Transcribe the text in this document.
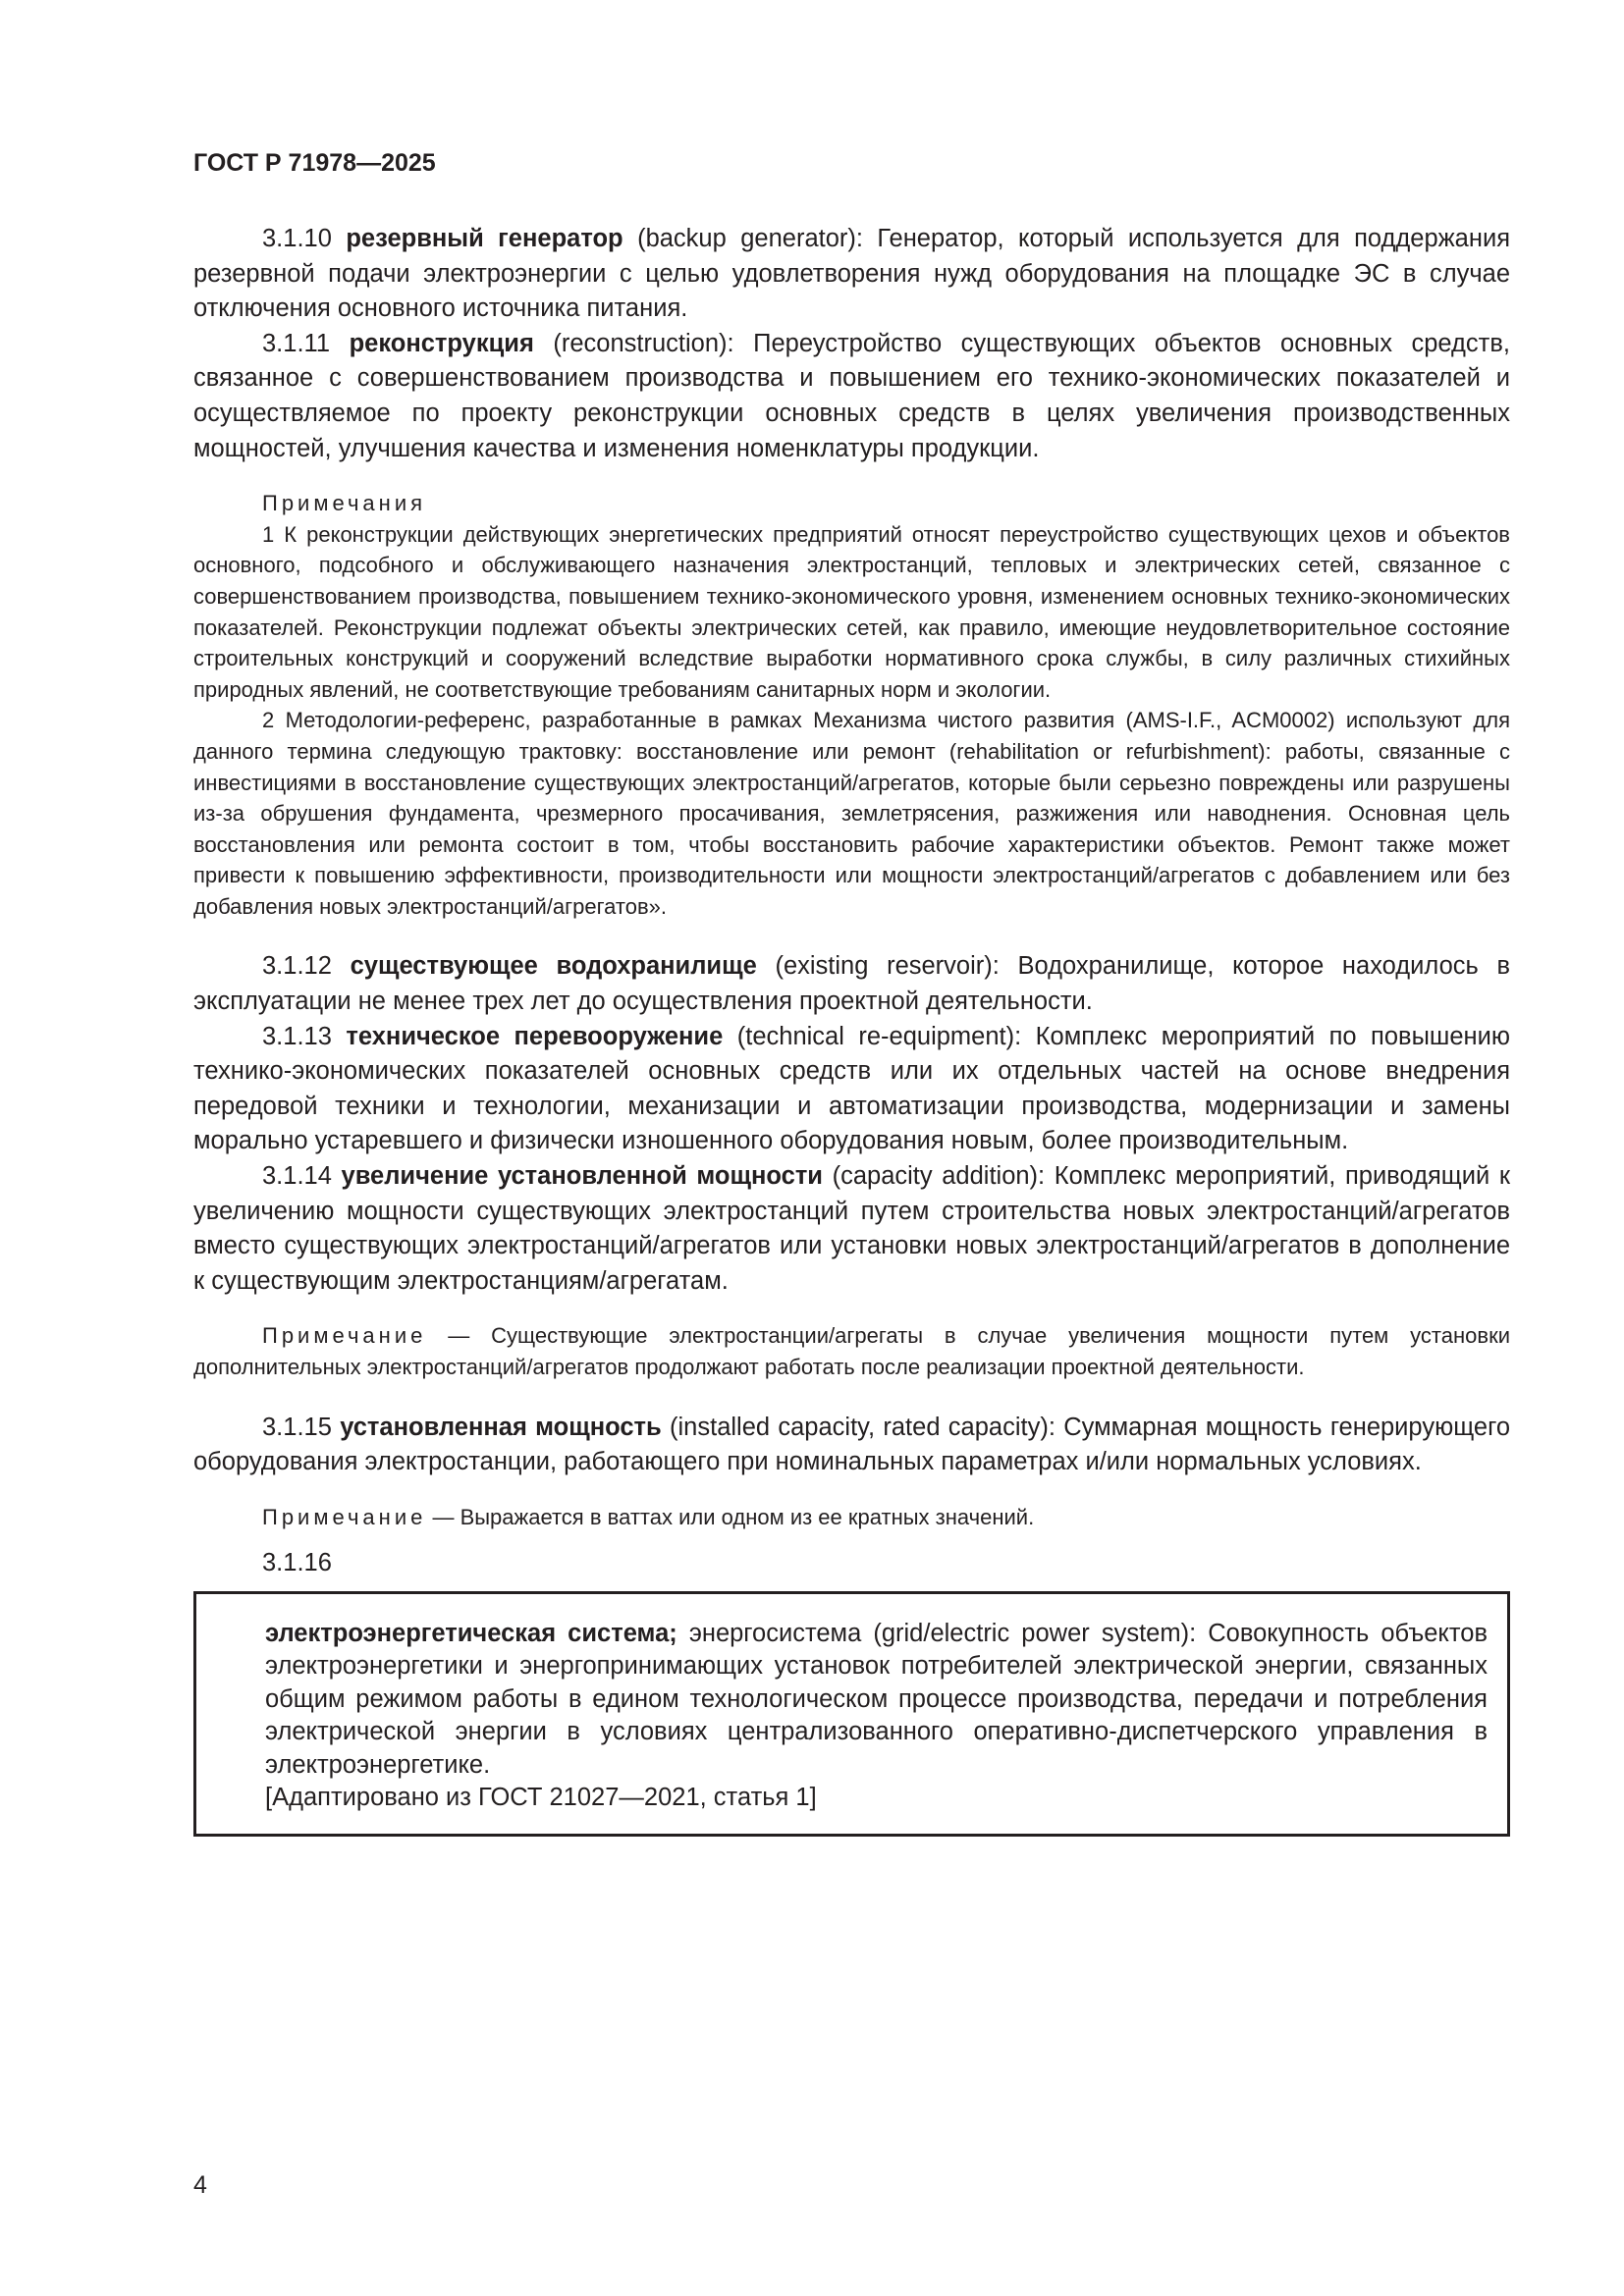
ГОСТ Р 71978—2025

3.1.10 резервный генератор (backup generator): Генератор, который используется для поддержания резервной подачи электроэнергии с целью удовлетворения нужд оборудования на площадке ЭС в случае отключения основного источника питания.

3.1.11 реконструкция (reconstruction): Переустройство существующих объектов основных средств, связанное с совершенствованием производства и повышением его технико-экономических показателей и осуществляемое по проекту реконструкции основных средств в целях увеличения производственных мощностей, улучшения качества и изменения номенклатуры продукции.

Примечания

1 К реконструкции действующих энергетических предприятий относят переустройство существующих цехов и объектов основного, подсобного и обслуживающего назначения электростанций, тепловых и электрических сетей, связанное с совершенствованием производства, повышением технико-экономического уровня, изменением основных технико-экономических показателей. Реконструкции подлежат объекты электрических сетей, как правило, имеющие неудовлетворительное состояние строительных конструкций и сооружений вследствие выработки нормативного срока службы, в силу различных стихийных природных явлений, не соответствующие требованиям санитарных норм и экологии.

2 Методологии-референс, разработанные в рамках Механизма чистого развития (AMS-I.F., ACM0002) используют для данного термина следующую трактовку: восстановление или ремонт (rehabilitation or refurbishment): работы, связанные с инвестициями в восстановление существующих электростанций/агрегатов, которые были серьезно повреждены или разрушены из-за обрушения фундамента, чрезмерного просачивания, землетрясения, разжижения или наводнения. Основная цель восстановления или ремонта состоит в том, чтобы восстановить рабочие характеристики объектов. Ремонт также может привести к повышению эффективности, производительности или мощности электростанций/агрегатов с добавлением или без добавления новых электростанций/агрегатов».

3.1.12 существующее водохранилище (existing reservoir): Водохранилище, которое находилось в эксплуатации не менее трех лет до осуществления проектной деятельности.

3.1.13 техническое перевооружение (technical re-equipment): Комплекс мероприятий по повышению технико-экономических показателей основных средств или их отдельных частей на основе внедрения передовой техники и технологии, механизации и автоматизации производства, модернизации и замены морально устаревшего и физически изношенного оборудования новым, более производительным.

3.1.14 увеличение установленной мощности (capacity addition): Комплекс мероприятий, приводящий к увеличению мощности существующих электростанций путем строительства новых электростанций/агрегатов вместо существующих электростанций/агрегатов или установки новых электростанций/агрегатов в дополнение к существующим электростанциям/агрегатам.

Примечание — Существующие электростанции/агрегаты в случае увеличения мощности путем установки дополнительных электростанций/агрегатов продолжают работать после реализации проектной деятельности.

3.1.15 установленная мощность (installed capacity, rated capacity): Суммарная мощность генерирующего оборудования электростанции, работающего при номинальных параметрах и/или нормальных условиях.

Примечание — Выражается в ваттах или одном из ее кратных значений.

3.1.16

электроэнергетическая система; энергосистема (grid/electric power system): Совокупность объектов электроэнергетики и энергопринимающих установок потребителей электрической энергии, связанных общим режимом работы в едином технологическом процессе производства, передачи и потребления электрической энергии в условиях централизованного оперативно-диспетчерского управления в электроэнергетике.

[Адаптировано из ГОСТ 21027—2021, статья 1]

4
